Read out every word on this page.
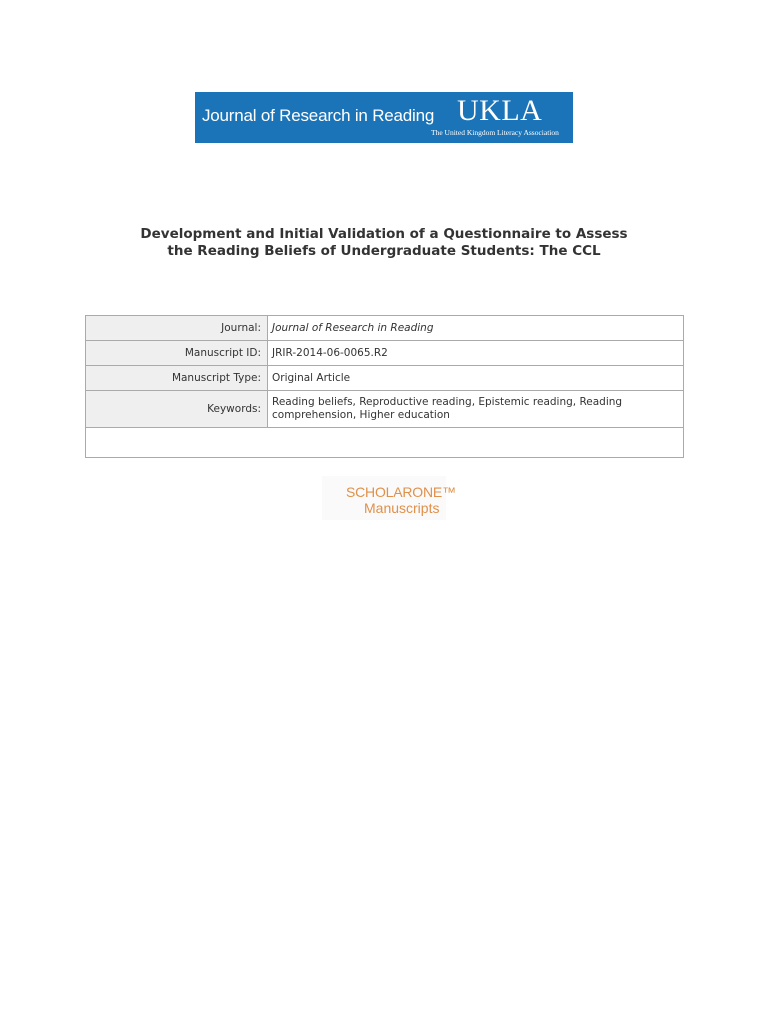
Journal of Research in Reading UKLA
The United Kingdom Literacy Association
Development and Initial Validation of a Questionnaire to Assess the Reading Beliefs of Undergraduate Students: The CCL
Journal:	Journal of Research in Reading
Manuscript ID:	JRIR-2014-06-0065.R2
Manuscript Type:	Original Article
Keywords:	Reading beliefs, Reproductive reading, Epistemic reading, Reading comprehension, Higher education

SCHOLARONE™
Manuscripts
